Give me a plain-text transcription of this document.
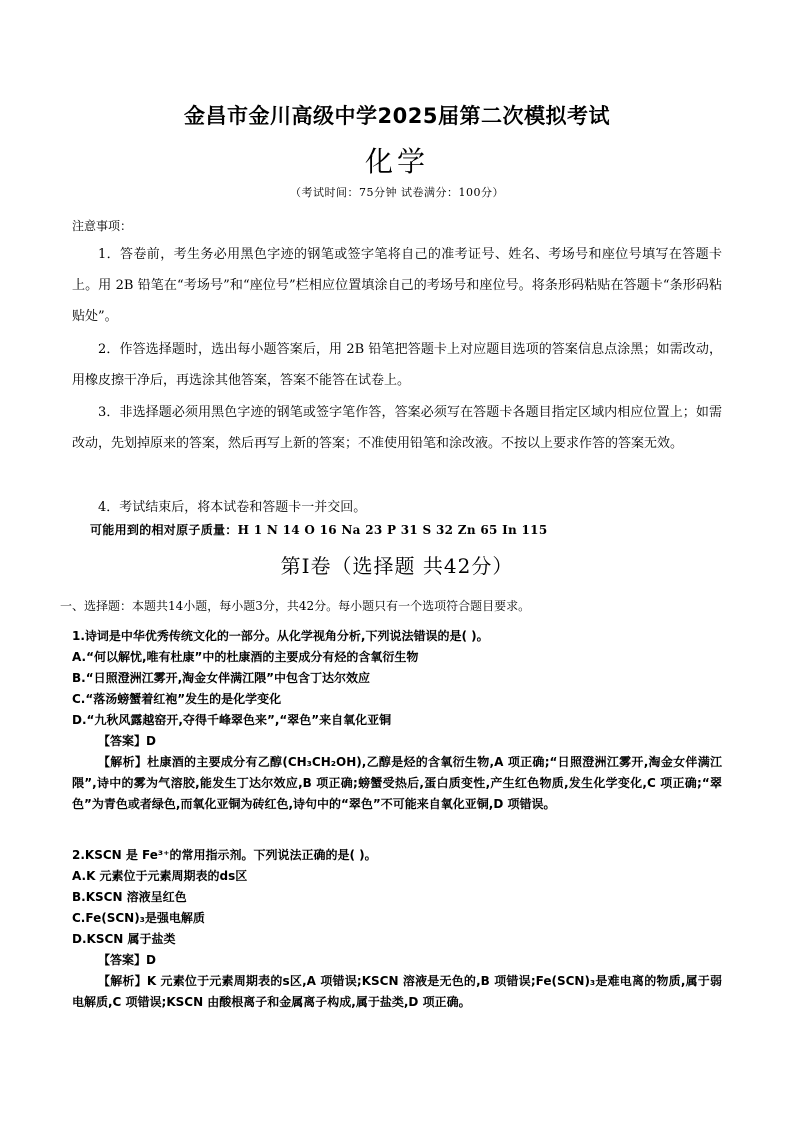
金昌市金川高级中学2025届第二次模拟考试
化学
（考试时间：75分钟 试卷满分：100分）
注意事项：
1．答卷前，考生务必用黑色字迹的钢笔或签字笔将自己的准考证号、姓名、考场号和座位号填写在答题卡上。用 2B 铅笔在“考场号”和“座位号”栏相应位置填涂自己的考场号和座位号。将条形码粘贴在答题卡“条形码粘贴处”。
2．作答选择题时，选出每小题答案后，用 2B 铅笔把答题卡上对应题目选项的答案信息点涂黑；如需改动，用橡皮擦干净后，再选涂其他答案，答案不能答在试卷上。
3．非选择题必须用黑色字迹的钢笔或签字笔作答，答案必须写在答题卡各题目指定区域内相应位置上；如需改动，先划掉原来的答案，然后再写上新的答案；不准使用铅笔和涂改液。不按以上要求作答的答案无效。
4．考试结束后，将本试卷和答题卡一并交回。
可能用到的相对原子质量：H 1 N 14 O 16 Na 23 P 31 S 32 Zn 65 In 115
第Ⅰ卷（选择题 共42分）
一、选择题：本题共14小题，每小题3分，共42分。每小题只有一个选项符合题目要求。
1.诗词是中华优秀传统文化的一部分。从化学视角分析,下列说法错误的是( )。
A.“何以解忧,唯有杜康”中的杜康酒的主要成分有烃的含氧衍生物
B.“日照澄洲江雾开,淘金女伴满江隈”中包含丁达尔效应
C.“落汤螃蟹着红袍”发生的是化学变化
D.“九秋风露越窑开,夺得千峰翠色来”,“翠色”来自氧化亚铜
【答案】D
【解析】杜康酒的主要成分有乙醇(CH₃CH₂OH),乙醇是烃的含氧衍生物,A 项正确;“日照澄洲江雾开,淘金女伴满江隈”,诗中的雾为气溶胶,能发生丁达尔效应,B 项正确;螃蟹受热后,蛋白质变性,产生红色物质,发生化学变化,C 项正确;“翠色”为青色或者绿色,而氧化亚铜为砖红色,诗句中的“翠色”不可能来自氧化亚铜,D 项错误。
2.KSCN 是 Fe³⁺的常用指示剂。下列说法正确的是( )。
A.K 元素位于元素周期表的ds区
B.KSCN 溶液呈红色
C.Fe(SCN)₃是强电解质
D.KSCN 属于盐类
【答案】D
【解析】K 元素位于元素周期表的s区,A 项错误;KSCN 溶液是无色的,B 项错误;Fe(SCN)₃是难电离的物质,属于弱电解质,C 项错误;KSCN 由酸根离子和金属离子构成,属于盐类,D 项正确。
